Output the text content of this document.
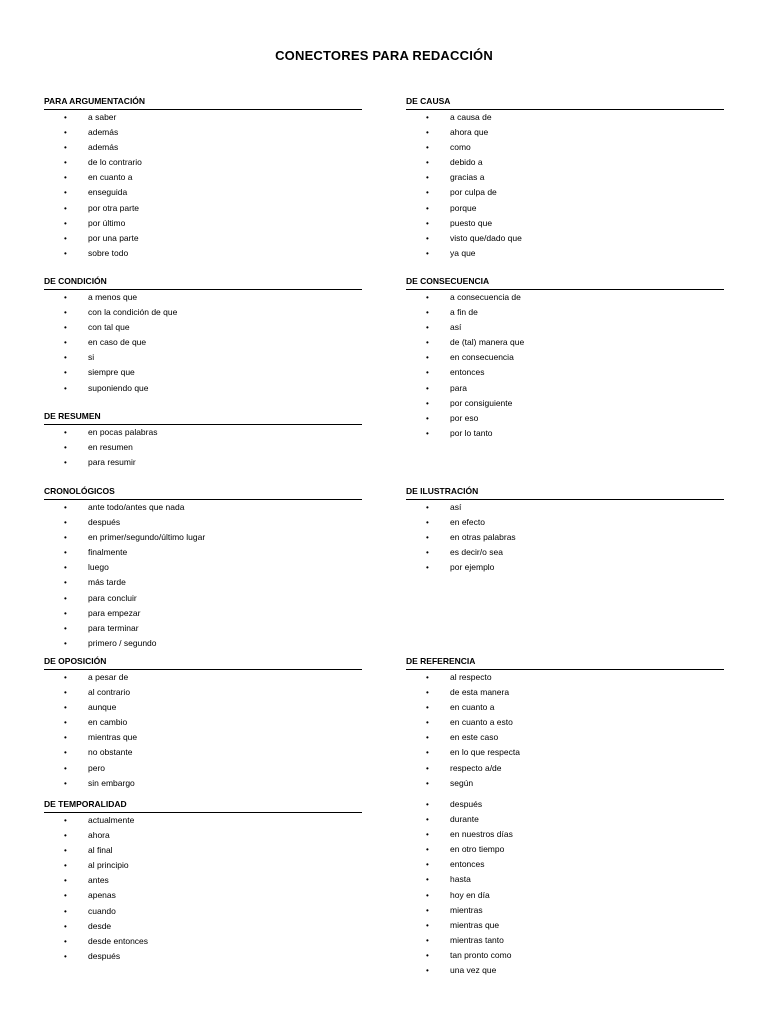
CONECTORES PARA REDACCIÓN
PARA ARGUMENTACIÓN
• a saber
• además
• además
• de lo contrario
• en cuanto a
• enseguida
• por otra parte
• por último
• por una parte
• sobre todo
DE CAUSA
• a causa de
• ahora que
• como
• debido a
• gracias a
• por culpa de
• porque
• puesto que
• visto que/dado que
• ya que
DE CONDICIÓN
• a menos que
• con la condición de que
• con tal que
• en caso de que
• si
• siempre que
• suponiendo que
DE CONSECUENCIA
• a consecuencia de
• a fin de
• así
• de (tal) manera que
• en consecuencia
• entonces
• para
• por consiguiente
• por eso
• por lo tanto
DE RESUMEN
• en pocas palabras
• en resumen
• para resumir
CRONOLÓGICOS
• ante todo/antes que nada
• después
• en primer/segundo/último lugar
• finalmente
• luego
• más tarde
• para concluir
• para empezar
• para terminar
• primero / segundo
DE ILUSTRACIÓN
• así
• en efecto
• en otras palabras
• es decir/o sea
• por ejemplo
DE OPOSICIÓN
• a pesar de
• al contrario
• aunque
• en cambio
• mientras que
• no obstante
• pero
• sin embargo
DE REFERENCIA
• al respecto
• de esta manera
• en cuanto a
• en cuanto a esto
• en este caso
• en lo que respecta
• respecto a/de
• según
DE TEMPORALIDAD
• actualmente
• ahora
• al final
• al principio
• antes
• apenas
• cuando
• desde
• desde entonces
• después
• después
• durante
• en nuestros días
• en otro tiempo
• entonces
• hasta
• hoy en día
• mientras
• mientras que
• mientras tanto
• tan pronto como
• una vez que
